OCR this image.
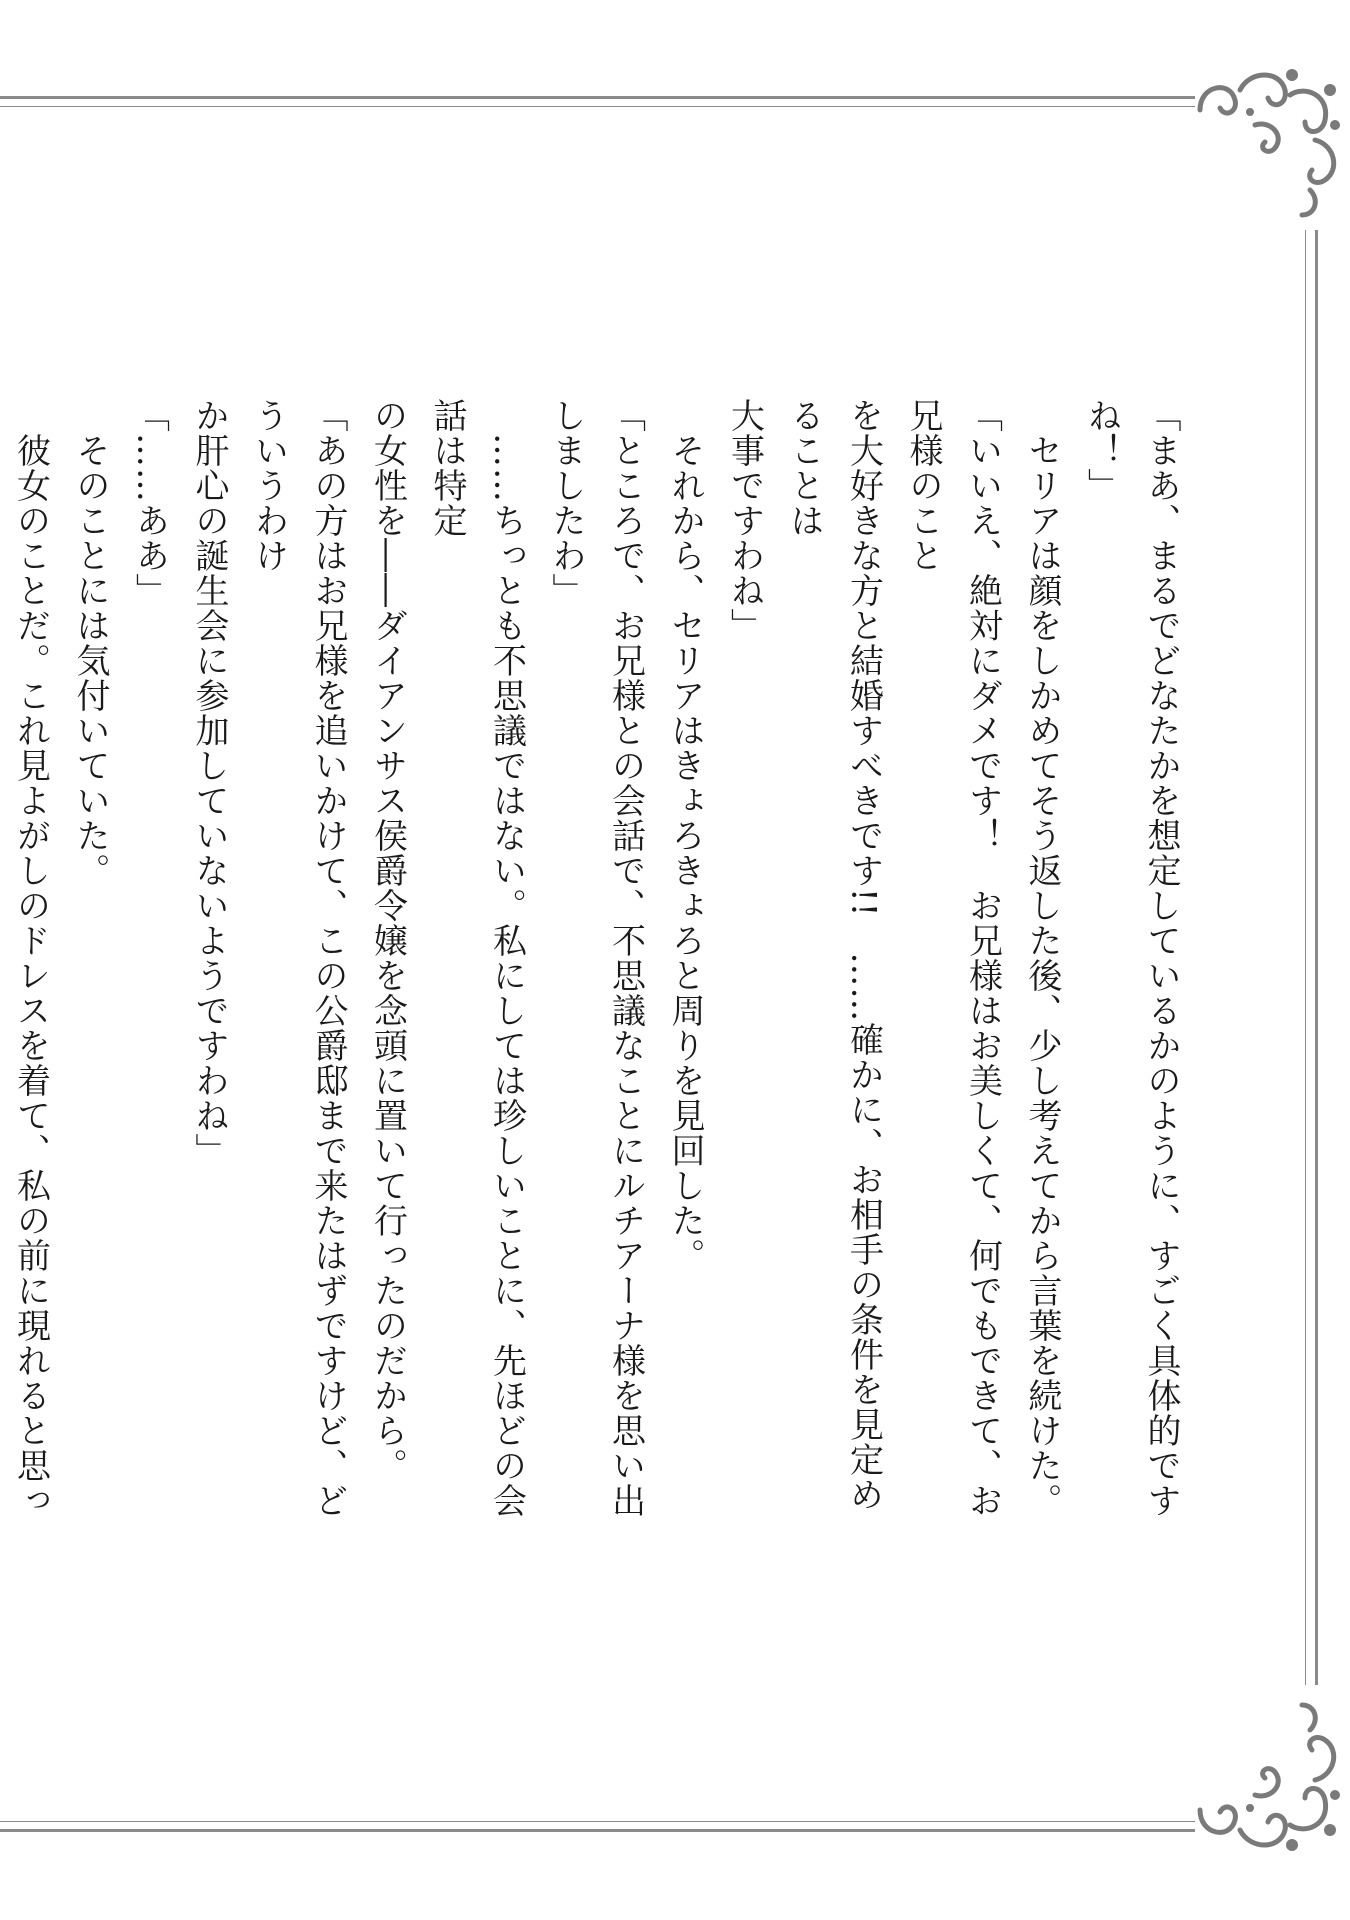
「まあ、まるでどなたかを想定しているかのように、すごく具体的ですね！」

　セリアは顔をしかめてそう返した後、少し考えてから言葉を続けた。

「いいえ、絶対にダメです！　お兄様はお美しくて、何でもできて、お兄様のこと

を大好きな方と結婚すべきです!!　……確かに、お相手の条件を見定めることは

大事ですわね」

　それから、セリアはきょろきょろと周りを見回した。

「ところで、お兄様との会話で、不思議なことにルチアーナ様を思い出しましたわ」

　……ちっとも不思議ではない。私にしては珍しいことに、先ほどの会話は特定

の女性を――ダイアンサス侯爵令嬢を念頭に置いて行ったのだから。

「あの方はお兄様を追いかけて、この公爵邸まで来たはずですけど、どういうわけ

か肝心の誕生会に参加していないようですわね」

「……ああ」

　そのことには気付いていた。

　彼女のことだ。これ見よがしのドレスを着て、私の前に現れると思っ
